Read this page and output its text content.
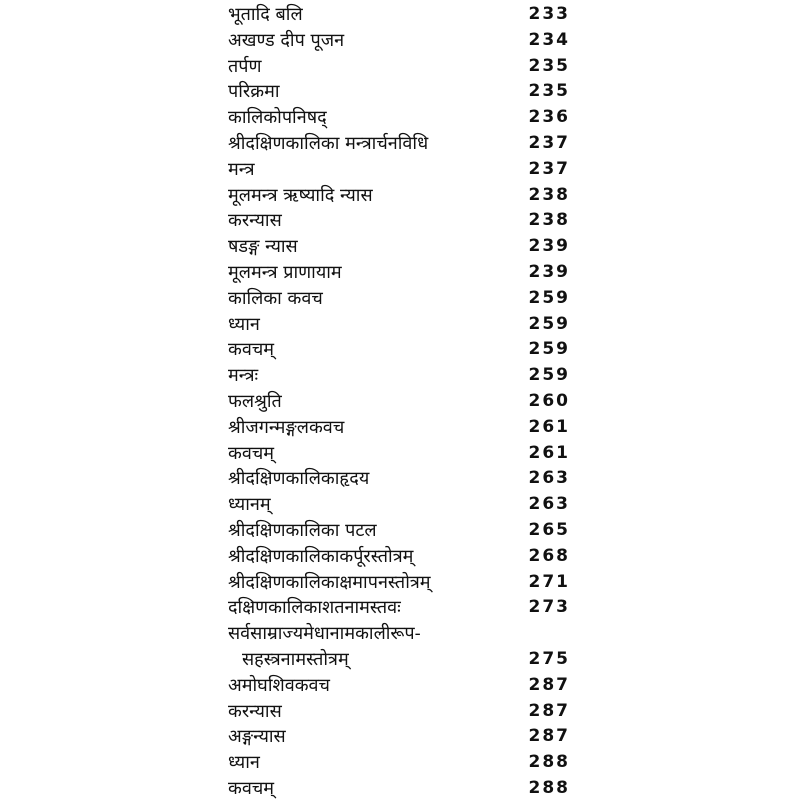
भूतादि बलि	233
अखण्ड दीप पूजन	234
तर्पण	235
परिक्रमा	235
कालिकोपनिषद्	236
श्रीदक्षिणकालिका मन्त्रार्चनविधि	237
मन्त्र	237
मूलमन्त्र ऋष्यादि न्यास	238
करन्यास	238
षडङ्ग न्यास	239
मूलमन्त्र प्राणायाम	239
कालिका कवच	259
ध्यान	259
कवचम्	259
मन्त्रः	259
फलश्रुति	260
श्रीजगन्मङ्गलकवच	261
कवचम्	261
श्रीदक्षिणकालिकाहृदय	263
ध्यानम्	263
श्रीदक्षिणकालिका पटल	265
श्रीदक्षिणकालिकाकर्पूरस्तोत्रम्	268
श्रीदक्षिणकालिकाक्षमापनस्तोत्रम्	271
दक्षिणकालिकाशतनामस्तवः	273
सर्वसाम्राज्यमेधानामकालीरूप-
सहस्त्रनामस्तोत्रम्	275
अमोघशिवकवच	287
करन्यास	287
अङ्गन्यास	287
ध्यान	288
कवचम्	288
